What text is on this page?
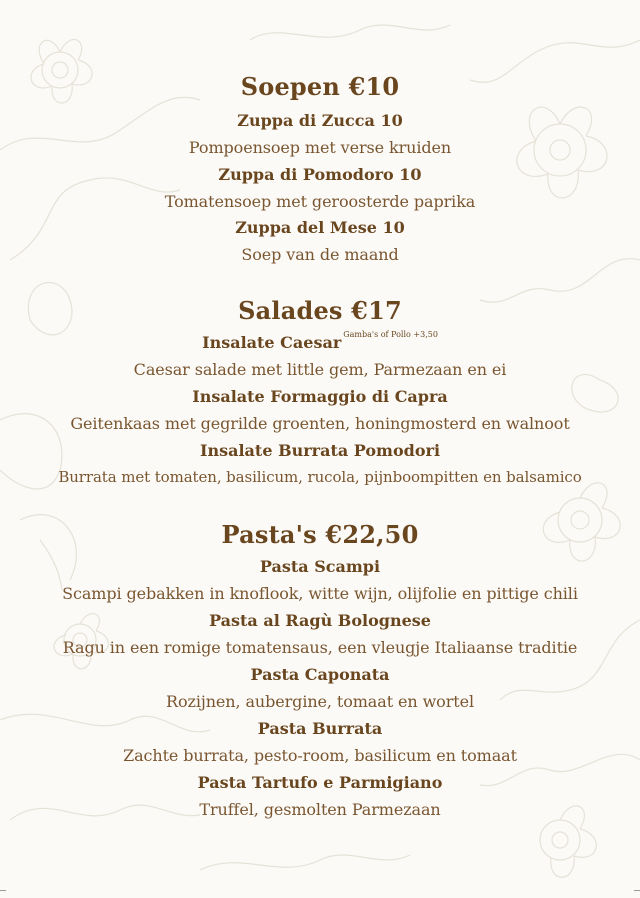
Soepen €10
Zuppa di Zucca 10
Pompoensoep met verse kruiden
Zuppa di Pomodoro 10
Tomatensoep met geroosterde paprika
Zuppa del Mese 10
Soep van de maand
Salades €17
Insalate Caesar $^{Gamba's of Pollo +3,50}$
Caesar salade met little gem, Parmezaan en ei
Insalate Formaggio di Capra
Geitenkaas met gegrilde groenten, honingmosterd en walnoot
Insalate Burrata Pomodori
Burrata met tomaten, basilicum, rucola, pijnboompitten en balsamico
Pasta's €22,50
Pasta Scampi
Scampi gebakken in knoflook, witte wijn, olijfolie en pittige chili
Pasta al Ragù Bolognese
Ragu in een romige tomatensaus, een vleugje Italiaanse traditie
Pasta Caponata
Rozijnen, aubergine, tomaat en wortel
Pasta Burrata
Zachte burrata, pesto-room, basilicum en tomaat
Pasta Tartufo e Parmigiano
Truffel, gesmolten Parmezaan
